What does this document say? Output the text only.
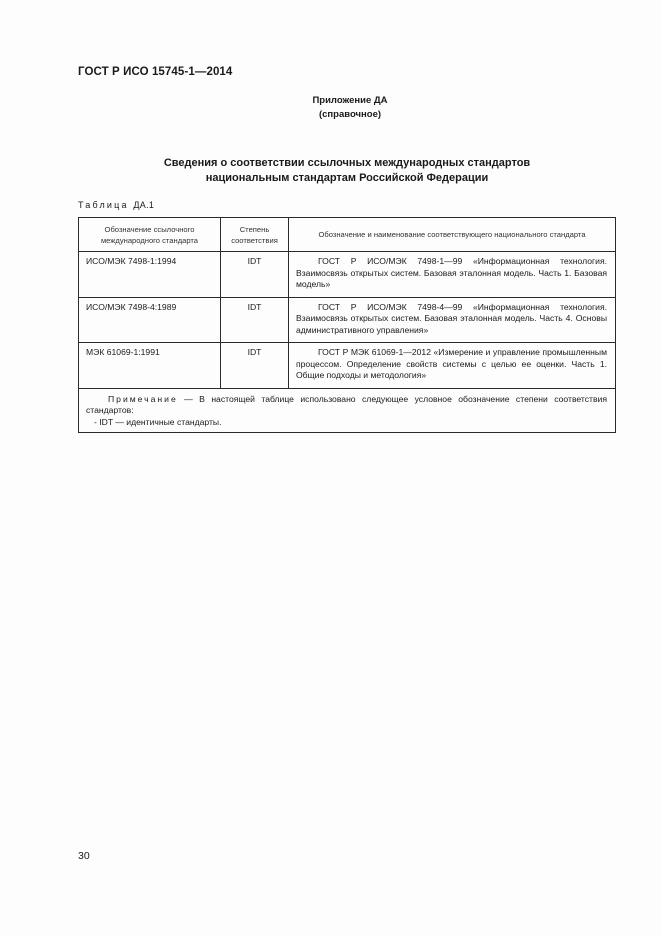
ГОСТ Р ИСО 15745-1—2014
Приложение ДА
(справочное)
Сведения о соответствии ссылочных международных стандартов
национальным стандартам Российской Федерации
Таблица ДА.1
Обозначение ссылочного международного стандарта	Степень соответствия	Обозначение и наименование соответствующего национального стандарта
ИСО/МЭК 7498-1:1994	IDT	ГОСТ Р ИСО/МЭК 7498-1—99 «Информационная технология. Взаимосвязь открытых систем. Базовая эталонная модель. Часть 1. Базовая модель»
ИСО/МЭК 7498-4:1989	IDT	ГОСТ Р ИСО/МЭК 7498-4—99 «Информационная технология. Взаимосвязь открытых систем. Базовая эталонная модель. Часть 4. Основы административного управления»
МЭК 61069-1:1991	IDT	ГОСТ Р МЭК 61069-1—2012 «Измерение и управление промышленным процессом. Определение свойств системы с целью ее оценки. Часть 1. Общие подходы и методология»

Примечание — В настоящей таблице использовано следующее условное обозначение степени соответствия стандартов:
- IDT — идентичные стандарты.		
30
